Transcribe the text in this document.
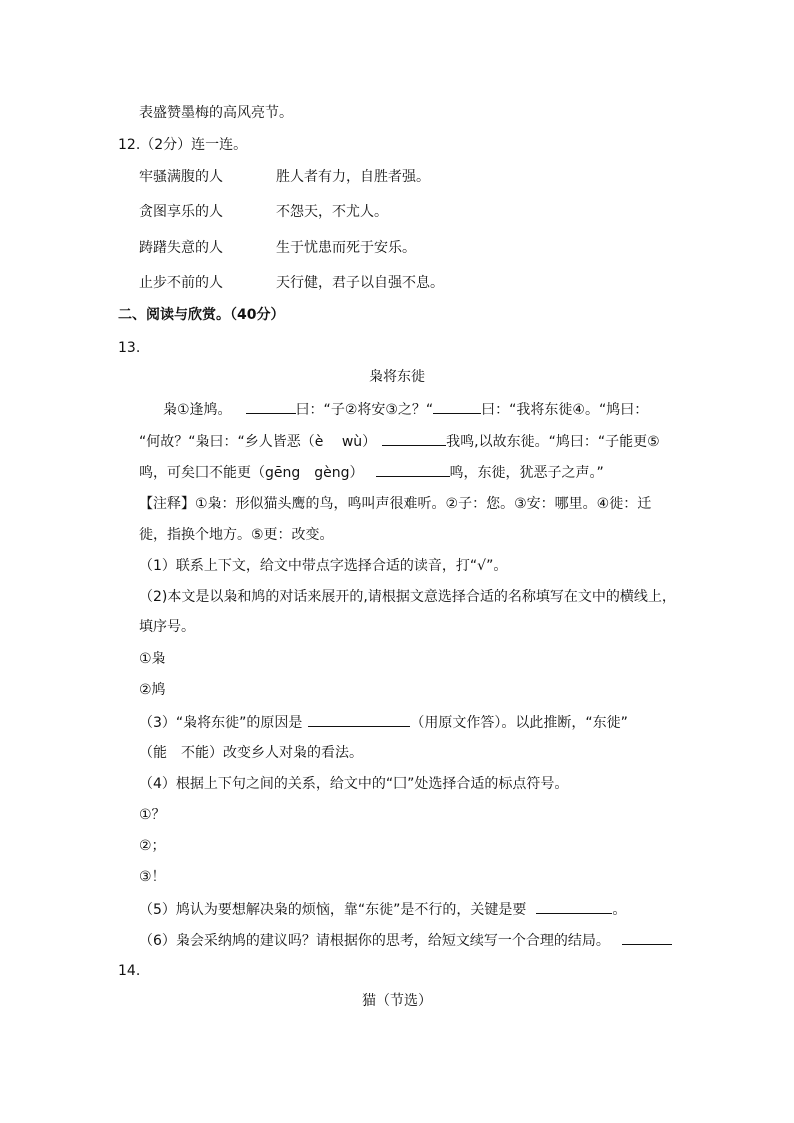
表盛赞墨梅的高风亮节。
12.（2分）连一连。
牢骚满腹的人	胜人者有力，自胜者强。
贪图享乐的人	不怨天，不尤人。
踌躇失意的人	生于忧患而死于安乐。
止步不前的人	天行健，君子以自强不息。
二、阅读与欣赏。（40分）
13.
枭将东徙
枭①逢鸠。	曰：“子②将安③之？“	曰：“我将东徙④。“鸠曰：
“何故？“枭曰：“乡人皆恶（è　 wù）	我鸣,以故东徙。“鸠曰：“子能更⑤
鸣，可矣囗不能更（gēng　gèng）	鸣，东徙，犹恶子之声。”
【注释】①枭：形似猫头鹰的鸟，鸣叫声很难听。②子：您。③安：哪里。④徙：迁
徙，指换个地方。⑤更：改变。
（1）联系上下文，给文中带点字选择合适的读音，打“√”。
（2)本文是以枭和鸠的对话来展开的,请根据文意选择合适的名称填写在文中的横线上，
填序号。
①枭
②鸠
（3）“枭将东徙”的原因是	（用原文作答）。以此推断，“东徙”
（能　不能）改变乡人对枭的看法。
（4）根据上下句之间的关系，给文中的“囗”处选择合适的标点符号。
①？
②；
③！
（5）鸠认为要想解决枭的烦恼，靠“东徙”是不行的，关键是要	。
（6）枭会采纳鸠的建议吗？请根据你的思考，给短文续写一个合理的结局。
14.
猫（节选）
